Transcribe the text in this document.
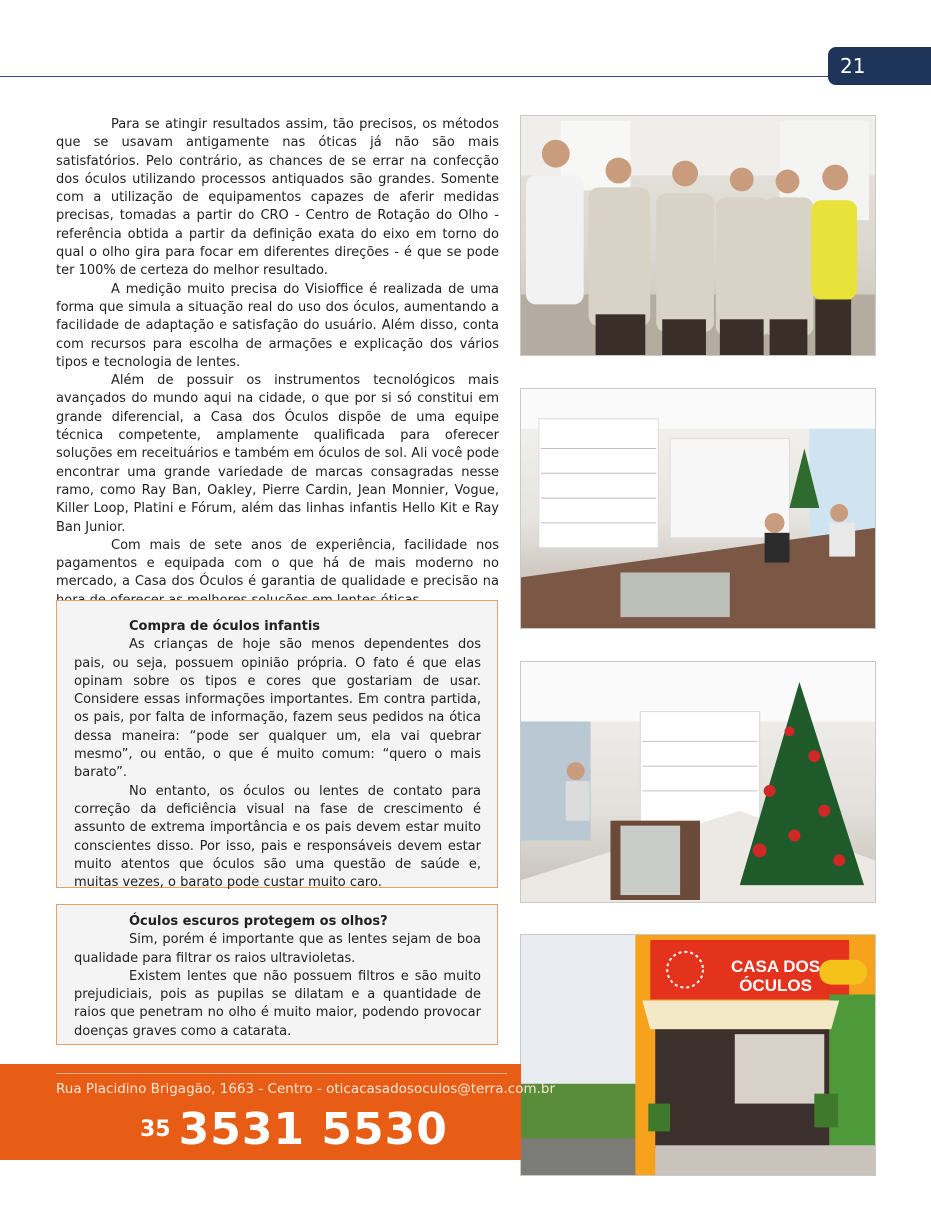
21

Para se atingir resultados assim, tão precisos, os métodos que se usavam antigamente nas óticas já não são mais satisfatórios. Pelo contrário, as chances de se errar na confecção dos óculos utilizando processos antiquados são grandes. Somente com a utilização de equipamentos capazes de aferir medidas precisas, tomadas a partir do CRO - Centro de Rotação do Olho - referência obtida a partir da definição exata do eixo em torno do qual o olho gira para focar em diferentes direções - é que se pode ter 100% de certeza do melhor resultado.

A medição muito precisa do Visioffice é realizada de uma forma que simula a situação real do uso dos óculos, aumentando a facilidade de adaptação e satisfação do usuário. Além disso, conta com recursos para escolha de armações e explicação dos vários tipos e tecnologia de lentes.

Além de possuir os instrumentos tecnológicos mais avançados do mundo aqui na cidade, o que por si só constitui em grande diferencial, a Casa dos Óculos dispõe de uma equipe técnica competente, amplamente qualificada para oferecer soluções em receituários e também em óculos de sol. Ali você pode encontrar uma grande variedade de marcas consagradas nesse ramo, como Ray Ban, Oakley, Pierre Cardin, Jean Monnier, Vogue, Killer Loop, Platini e Fórum, além das linhas infantis Hello Kit e Ray Ban Junior.

Com mais de sete anos de experiência, facilidade nos pagamentos e equipada com o que há de mais moderno no mercado, a Casa dos Óculos é garantia de qualidade e precisão na

Compra de óculos infantis

As crianças de hoje são menos dependentes dos pais, ou seja, possuem opinião própria. O fato é que elas opinam sobre os tipos e cores que gostariam de usar. Considere essas informações importantes. Em contra partida, os pais, por falta de informação, fazem seus pedidos na ótica dessa maneira: “pode ser qualquer um, ela vai quebrar mesmo”, ou então, o que é muito comum: “quero o mais barato”.

No entanto, os óculos ou lentes de contato para correção da deficiência visual na fase de crescimento é assunto de extrema importância e os pais devem estar muito conscientes disso. Por isso, pais e responsáveis devem estar muito atentos que óculos são uma questão de saúde e, muitas vezes, o barato pode custar muito caro.

Óculos escuros protegem os olhos?

Sim, porém é importante que as lentes sejam de boa qualidade para filtrar os raios ultravioletas.

Existem lentes que não possuem filtros e são muito prejudiciais, pois as pupilas se dilatam e a quantidade de raios que penetram no olho é muito maior, podendo provocar doenças graves como a catarata.

CASA DOS
ÓCULOS
Rua Placidino Brigagão, 1663 - Centro - oticacasadosoculos@terra.com.br
35 3531 5530
